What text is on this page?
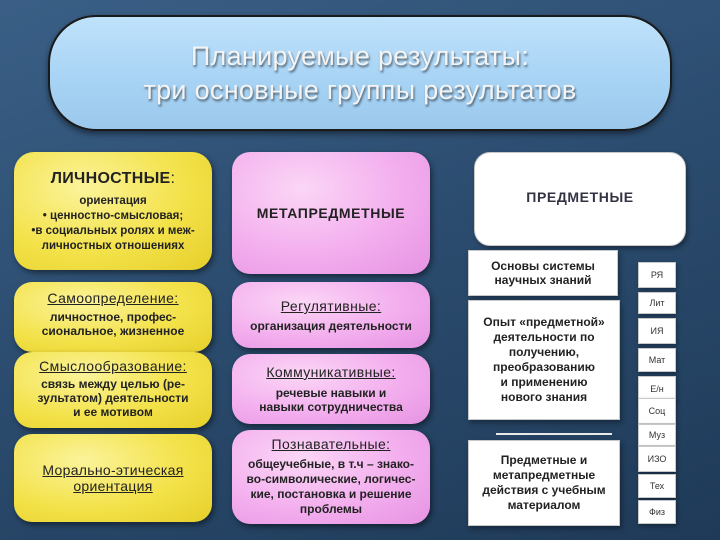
Планируемые результаты:
три основные группы результатов
ЛИЧНОСТНЫЕ:
ориентация
• ценностно-смысловая;
•в социальных ролях и меж-
личностных отношениях
МЕТАПРЕДМЕТНЫЕ
ПРЕДМЕТНЫЕ
Самоопределение:
личностное, профес-
сиональное, жизненное
Регулятивные:
организация деятельности
Смыслообразование:
связь между целью (ре-
зультатом) деятельности
и ее мотивом
Коммуникативные:
речевые навыки и
навыки сотрудничества
Морально-этическая
ориентация
Познавательные:
общеучебные, в т.ч – знако-
во-символические, логичес-
кие, постановка и решение
проблемы
Основы системы
научных знаний
Опыт «предметной»
деятельности по
получению,
преобразованию
и применению
нового знания
Предметные и
метапредметные
действия с учебным
материалом
РЯ
Лит
ИЯ
Мат
Е/н
Соц
Муз
ИЗО
Тех
Физ
